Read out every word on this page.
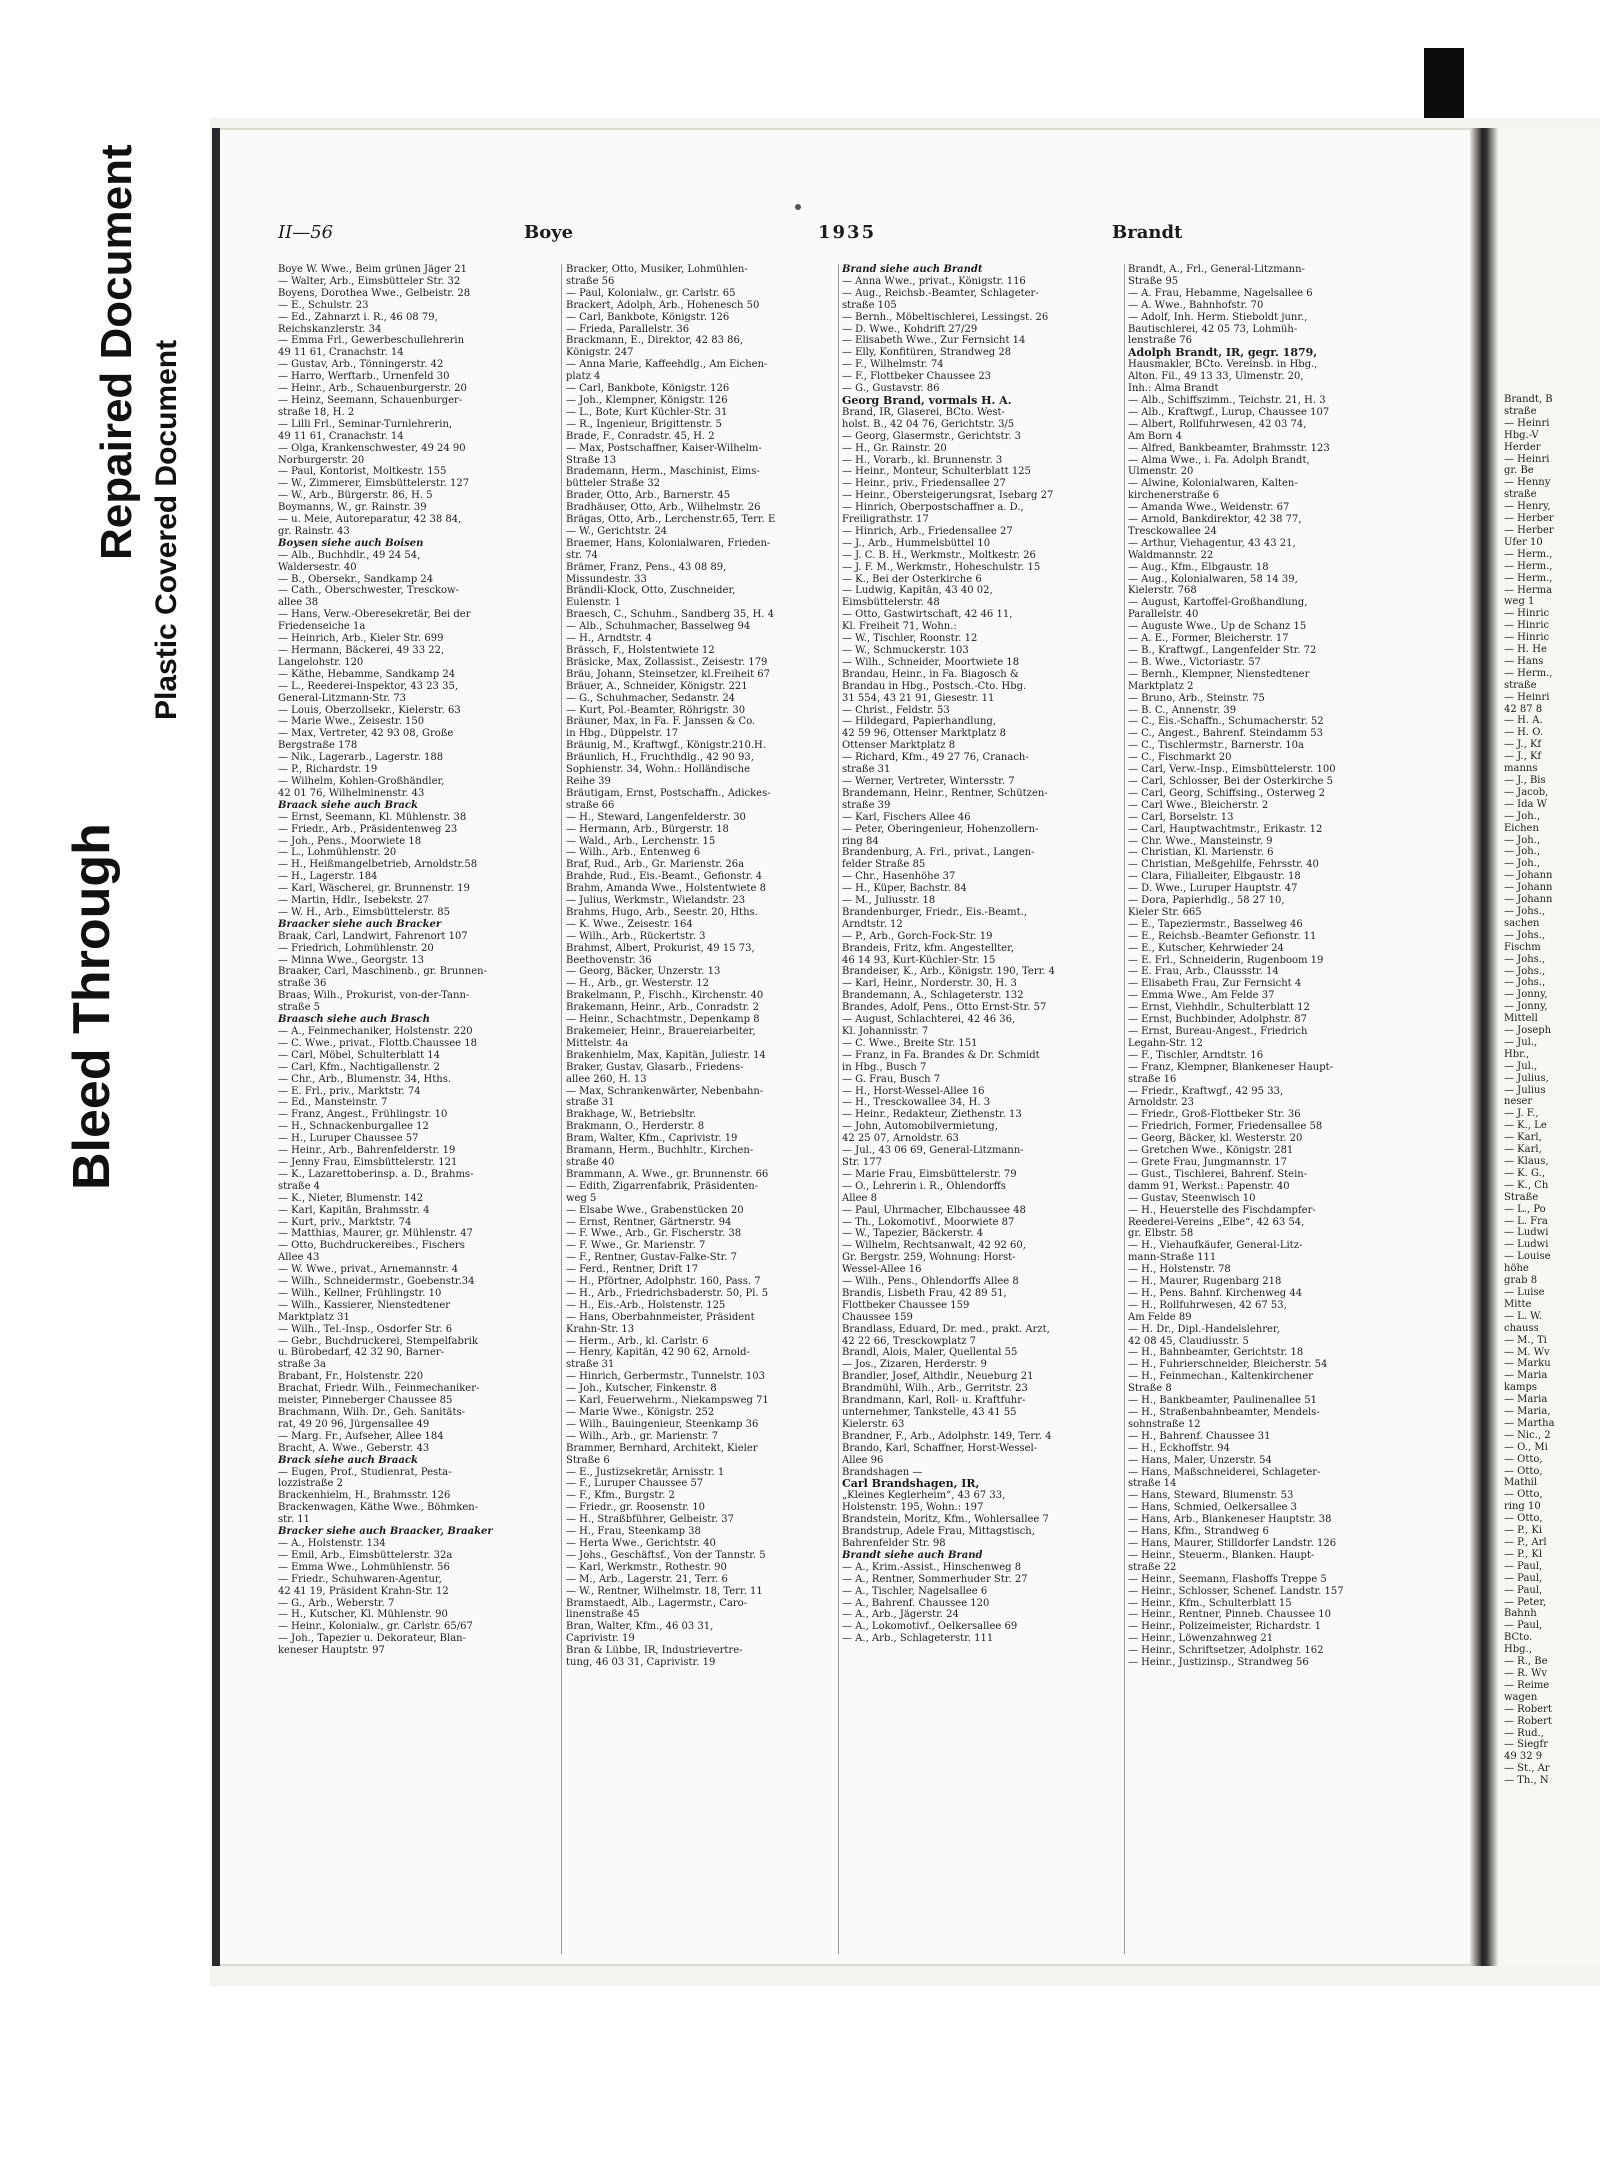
Bleed Through
Repaired Document Plastic Covered Document	Brandt, B
straße
— Heinri
Hbg.-V
Herder
— Heinri
gr. Be
— Henny
straße
— Henry,
— Herber
— Herber
Ufer 10
— Herm.,
— Herm.,
— Herm.,
— Herma
weg 1
— Hinric
— Hinric
— Hinric
— H. He
— Hans
— Herm.,
straße
— Heinri
42 87 8
— H. A.
— H. O.
— J., Kf
— J., Kf
manns
— J., Bis
— Jacob,
— Ida W
— Joh.,
Eichen
— Joh.,
— Joh.,
— Joh.,
— Johann
— Johann
— Johann
— Johs.,
sachen
— Johs.,
Fischm
— Johs.,
— Johs.,
— Johs.,
— Jonny,
— Jonny,
Mittell
— Joseph
— Jul.,
Hbr.,
— Jul.,
— Julius,
— Julius
neser
— J. F.,
— K., Le
— Karl,
— Karl,
— Klaus,
— K. G.,
— K., Ch
Straße
— L., Po
— L. Fra
— Ludwi
— Ludwi
— Louise
höhe
grab 8
— Luise
Mitte
— L. W.
chauss
— M., Ti
— M. Wv
— Marku
— Maria
kamps
— Maria
— Maria,
— Martha
— Nic., 2
— O., Mi
— Otto,
— Otto,
Mathil
— Otto,
ring 10
— Otto,
— P., Ki
— P., Arl
— P., Kl
— Paul,
— Paul,
— Paul,
— Peter,
Bahnh
— Paul,
BCto.
Hbg.,
— R., Be
— R. Wv
— Reime
wagen
— Robert
— Robert
— Rud.,
— Siegfr
49 32 9
— St., Ar
— Th., N
II—56	Boye	1935	Brandt
Boye W. Wwe., Beim grünen Jäger 21
— Walter, Arb., Eimsbütteler Str. 32
Boyens, Dorothea Wwe., Gelbeistr. 28
— E., Schulstr. 23
— Ed., Zahnarzt i. R., 46 08 79,
Reichskanzlerstr. 34
— Emma Frl., Gewerbeschullehrerin
49 11 61, Cranachstr. 14
— Gustav, Arb., Tönningerstr. 42
— Harro, Werftarb., Urnenfeld 30
— Heinr., Arb., Schauenburgerstr. 20
— Heinz, Seemann, Schauenburger-
straße 18, H. 2
— Lilli Frl., Seminar-Turnlehrerin,
49 11 61, Cranachstr. 14
— Olga, Krankenschwester, 49 24 90
Norburgerstr. 20
— Paul, Kontorist, Moltkestr. 155
— W., Zimmerer, Eimsbüttelerstr. 127
— W., Arb., Bürgerstr. 86, H. 5
Boymanns, W., gr. Rainstr. 39
— u. Meie, Autoreparatur, 42 38 84,
gr. Rainstr. 43
Boysen siehe auch Boisen
— Alb., Buchhdlr., 49 24 54,
Waldersestr. 40
— B., Obersekr., Sandkamp 24
— Cath., Oberschwester, Tresckow-
allee 38
— Hans, Verw.-Oberesekretär, Bei der
Friedenseiche 1a
— Heinrich, Arb., Kieler Str. 699
— Hermann, Bäckerei, 49 33 22,
Langelohstr. 120
— Käthe, Hebamme, Sandkamp 24
— L., Reederei-Inspektor, 43 23 35,
General-Litzmann-Str. 73
— Louis, Oberzollsekr., Kielerstr. 63
— Marie Wwe., Zeisestr. 150
— Max, Vertreter, 42 93 08, Große
Bergstraße 178
— Nik., Lagerarb., Lagerstr. 188
— P., Richardstr. 19
— Wilhelm, Kohlen-Großhändler,
42 01 76, Wilhelminenstr. 43
Braack siehe auch Brack
— Ernst, Seemann, Kl. Mühlenstr. 38
— Friedr., Arb., Präsidentenweg 23
— Joh., Pens., Moorwiete 18
— L., Lohmühlenstr. 20
— H., Heißmangelbetrieb, Arnoldstr.58
— H., Lagerstr. 184
— Karl, Wäscherei, gr. Brunnenstr. 19
— Martin, Hdlr., Isebekstr. 27
— W. H., Arb., Eimsbüttelerstr. 85
Braacker siehe auch Bracker
Braak, Carl, Landwirt, Fahrenort 107
— Friedrich, Lohmühlenstr. 20
— Minna Wwe., Georgstr. 13
Braaker, Carl, Maschinenb., gr. Brunnen-
straße 36
Braas, Wilh., Prokurist, von-der-Tann-
straße 5
Braasch siehe auch Brasch
— A., Feinmechaniker, Holstenstr. 220
— C. Wwe., privat., Flottb.Chaussee 18
— Carl, Möbel, Schulterblatt 14
— Carl, Kfm., Nachtigallenstr. 2
— Chr., Arb., Blumenstr. 34, Hths.
— E. Frl., priv., Marktstr. 74
— Ed., Mansteinstr. 7
— Franz, Angest., Frühlingstr. 10
— H., Schnackenburgallee 12
— H., Luruper Chaussee 57
— Heinr., Arb., Bahrenfelderstr. 19
— Jenny Frau, Eimsbüttelerstr. 121
— K., Lazarettoberinsp. a. D., Brahms-
straße 4
— K., Nieter, Blumenstr. 142
— Karl, Kapitän, Brahmsstr. 4
— Kurt, priv., Marktstr. 74
— Matthias, Maurer, gr. Mühlenstr. 47
— Otto, Buchdruckereibes., Fischers
Allee 43
— W. Wwe., privat., Arnemannstr. 4
— Wilh., Schneidermstr., Goebenstr.34
— Wilh., Kellner, Frühlingstr. 10
— Wilh., Kassierer, Nienstedtener
Marktplatz 31
— Wilh., Tel.-Insp., Osdorfer Str. 6
— Gebr., Buchdruckerei, Stempelfabrik
u. Bürobedarf, 42 32 90, Barner-
straße 3a
Brabant, Fr., Holstenstr. 220
Brachat, Friedr. Wilh., Feinmechaniker-
meister, Pinneberger Chaussee 85
Brachmann, Wilh. Dr., Geh. Sanitäts-
rat, 49 20 96, Jürgensallee 49
— Marg. Fr., Aufseher, Allee 184
Bracht, A. Wwe., Geberstr. 43
Brack siehe auch Braack
— Eugen, Prof., Studienrat, Pesta-
lozzistraße 2
Brackenhielm, H., Brahmsstr. 126
Brackenwagen, Käthe Wwe., Böhmken-
str. 11
Bracker siehe auch Braacker, Braaker
— A., Holstenstr. 134
— Emil, Arb., Eimsbüttelerstr. 32a
— Emma Wwe., Lohmühlenstr. 56
— Friedr., Schuhwaren-Agentur,
42 41 19, Präsident Krahn-Str. 12
— G., Arb., Weberstr. 7
— H., Kutscher, Kl. Mühlenstr. 90
— Heinr., Kolonialw., gr. Carlstr. 65/67
— Joh., Tapezier u. Dekorateur, Blan-
keneser Hauptstr. 97
Bracker, Otto, Musiker, Lohmühlen-
straße 56
— Paul, Kolonialw., gr. Carlstr. 65
Brackert, Adolph, Arb., Hohenesch 50
— Carl, Bankbote, Königstr. 126
— Frieda, Parallelstr. 36
Brackmann, E., Direktor, 42 83 86,
Königstr. 247
— Anna Marie, Kaffeehdlg., Am Eichen-
platz 4
— Carl, Bankbote, Königstr. 126
— Joh., Klempner, Königstr. 126
— L., Bote, Kurt Küchler-Str. 31
— R., Ingenieur, Brigittenstr. 5
Brade, F., Conradstr. 45, H. 2
— Max, Postschaffner, Kaiser-Wilhelm-
Straße 13
Brademann, Herm., Maschinist, Eims-
bütteler Straße 32
Brader, Otto, Arb., Barnerstr. 45
Bradhäuser, Otto, Arb., Wilhelmstr. 26
Brägas, Otto, Arb., Lerchenstr.65, Terr. E
— W., Gerichtstr. 24
Braemer, Hans, Kolonialwaren, Frieden-
str. 74
Brämer, Franz, Pens., 43 08 89,
Missundestr. 33
Brändli-Klock, Otto, Zuschneider,
Eulenstr. 1
Braesch, C., Schuhm., Sandberg 35, H. 4
— Alb., Schuhmacher, Basselweg 94
— H., Arndtstr. 4
Brässch, F., Holstentwiete 12
Bräsicke, Max, Zollassist., Zeisestr. 179
Bräu, Johann, Steinsetzer, kl.Freiheit 67
Bräuer, A., Schneider, Königstr. 221
— G., Schuhmacher, Sedanstr. 24
— Kurt, Pol.-Beamter, Röhrigstr. 30
Bräuner, Max, in Fa. F. Janssen & Co.
in Hbg., Düppelstr. 17
Bräunig, M., Kraftwgf., Königstr.210.H.
Bräunlich, H., Fruchthdlg., 42 90 93,
Sophienstr. 34, Wohn.: Holländische
Reihe 39
Bräutigam, Ernst, Postschaffn., Adickes-
straße 66
— H., Steward, Langenfelderstr. 30
— Hermann, Arb., Bürgerstr. 18
— Wald., Arb., Lerchenstr. 15
— Wilh., Arb., Entenweg 6
Braf, Rud., Arb., Gr. Marienstr. 26a
Brahde, Rud., Eis.-Beamt., Gefionstr. 4
Brahm, Amanda Wwe., Holstentwiete 8
— Julius, Werkmstr., Wielandstr. 23
Brahms, Hugo, Arb., Seestr. 20, Hths.
— K. Wwe., Zeisestr. 164
— Wilh., Arb., Rückertstr. 3
Brahmst, Albert, Prokurist, 49 15 73,
Beethovenstr. 36
— Georg, Bäcker, Unzerstr. 13
— H., Arb., gr. Westerstr. 12
Brakelmann, P., Fischh., Kirchenstr. 40
Brakemann, Heinr., Arb., Conradstr. 2
— Heinr., Schachtmstr., Depenkamp 8
Brakemeier, Heinr., Brauereiarbeiter,
Mittelstr. 4a
Brakenhielm, Max, Kapitän, Juliestr. 14
Braker, Gustav, Glasarb., Friedens-
allee 260, H. 13
— Max, Schrankenwärter, Nebenbahn-
straße 31
Brakhage, W., Betriebsltr.
Brakmann, O., Herderstr. 8
Bram, Walter, Kfm., Caprivistr. 19
Bramann, Herm., Buchhltr., Kirchen-
straße 40
Brammann, A. Wwe., gr. Brunnenstr. 66
— Edith, Zigarrenfabrik, Präsidenten-
weg 5
— Elsabe Wwe., Grabenstücken 20
— Ernst, Rentner, Gärtnerstr. 94
— F. Wwe., Arb., Gr. Fischerstr. 38
— F. Wwe., Gr. Marienstr. 7
— F., Rentner, Gustav-Falke-Str. 7
— Ferd., Rentner, Drift 17
— H., Pförtner, Adolphstr. 160, Pass. 7
— H., Arb., Friedrichsbaderstr. 50, Pl. 5
— H., Eis.-Arb., Holstenstr. 125
— Hans, Oberbahnmeister, Präsident
Krahn-Str. 13
— Herm., Arb., kl. Carlstr. 6
— Henry, Kapitän, 42 90 62, Arnold-
straße 31
— Hinrich, Gerbermstr., Tunnelstr. 103
— Joh., Kutscher, Finkenstr. 8
— Karl, Feuerwehrm., Niekampsweg 71
— Marie Wwe., Königstr. 252
— Wilh., Bauingenieur, Steenkamp 36
— Wilh., Arb., gr. Marienstr. 7
Brammer, Bernhard, Architekt, Kieler
Straße 6
— E., Justizsekretär, Arnisstr. 1
— F., Luruper Chaussee 57
— F., Kfm., Burgstr. 2
— Friedr., gr. Roosenstr. 10
— H., Straßbführer, Gelbeistr. 37
— H., Frau, Steenkamp 38
— Herta Wwe., Gerichtstr. 40
— Johs., Geschäftsf., Von der Tannstr. 5
— Karl, Werkmstr., Rothestr. 90
— M., Arb., Lagerstr. 21, Terr. 6
— W., Rentner, Wilhelmstr. 18, Terr. 11
Bramstaedt, Alb., Lagermstr., Caro-
linenstraße 45
Bran, Walter, Kfm., 46 03 31,
Caprivistr. 19
Bran & Lübbe, IR, Industrievertre-
tung, 46 03 31, Caprivistr. 19
Brand siehe auch Brandt
— Anna Wwe., privat., Königstr. 116
— Aug., Reichsb.-Beamter, Schlageter-
straße 105
— Bernh., Möbeltischlerei, Lessingst. 26
— D. Wwe., Kohdrift 27/29
— Elisabeth Wwe., Zur Fernsicht 14
— Elly, Konfitüren, Strandweg 28
— F., Wilhelmstr. 74
— F., Flottbeker Chaussee 23
— G., Gustavstr. 86
Georg Brand, vormals H. A.
Brand, IR, Glaserei, BCto. West-
holst. B., 42 04 76, Gerichtstr. 3/5
— Georg, Glasermstr., Gerichtstr. 3
— H., Gr. Rainstr. 20
— H., Vorarb., kl. Brunnenstr. 3
— Heinr., Monteur, Schulterblatt 125
— Heinr., priv., Friedensallee 27
— Heinr., Obersteigerungsrat, Isebarg 27
— Hinrich, Oberpostschaffner a. D.,
Freiligrathstr. 17
— Hinrich, Arb., Friedensallee 27
— J., Arb., Hummelsbüttel 10
— J. C. B. H., Werkmstr., Moltkestr. 26
— J. F. M., Werkmstr., Hoheschulstr. 15
— K., Bei der Osterkirche 6
— Ludwig, Kapitän, 43 40 02,
Eimsbüttelerstr. 48
— Otto, Gastwirtschaft, 42 46 11,
Kl. Freiheit 71, Wohn.:
— W., Tischler, Roonstr. 12
— W., Schmuckerstr. 103
— Wilh., Schneider, Moortwiete 18
Brandau, Heinr., in Fa. Biagosch &
Brandau in Hbg., Postsch.-Cto. Hbg.
31 554, 43 21 91, Giesestr. 11
— Christ., Feldstr. 53
— Hildegard, Papierhandlung,
42 59 96, Ottenser Marktplatz 8
Ottenser Marktplatz 8
— Richard, Kfm., 49 27 76, Cranach-
straße 31
— Werner, Vertreter, Wintersstr. 7
Brandemann, Heinr., Rentner, Schützen-
straße 39
— Karl, Fischers Allee 46
— Peter, Oberingenieur, Hohenzollern-
ring 84
Brandenburg, A. Frl., privat., Langen-
felder Straße 85
— Chr., Hasenhöhe 37
— H., Küper, Bachstr. 84
— M., Juliusstr. 18
Brandenburger, Friedr., Eis.-Beamt.,
Arndtstr. 12
— P., Arb., Gorch-Fock-Str. 19
Brandeis, Fritz, kfm. Angestellter,
46 14 93, Kurt-Küchler-Str. 15
Brandeiser, K., Arb., Königstr. 190, Terr. 4
— Karl, Heinr., Norderstr. 30, H. 3
Brandemann, A., Schlageterstr. 132
Brandes, Adolf, Pens., Otto Ernst-Str. 57
— August, Schlachterei, 42 46 36,
Kl. Johannisstr. 7
— C. Wwe., Breite Str. 151
— Franz, in Fa. Brandes & Dr. Schmidt
in Hbg., Busch 7
— G. Frau, Busch 7
— H., Horst-Wessel-Allee 16
— H., Tresckowallee 34, H. 3
— Heinr., Redakteur, Ziethenstr. 13
— John, Automobilvermietung,
42 25 07, Arnoldstr. 63
— Jul., 43 06 69, General-Litzmann-
Str. 177
— Marie Frau, Eimsbüttelerstr. 79
— O., Lehrerin i. R., Ohlendorffs
Allee 8
— Paul, Uhrmacher, Elbchaussee 48
— Th., Lokomotivf., Moorwiete 87
— W., Tapezier, Bäckerstr. 4
— Wilhelm, Rechtsanwalt, 42 92 60,
Gr. Bergstr. 259, Wohnung: Horst-
Wessel-Allee 16
— Wilh., Pens., Ohlendorffs Allee 8
Brandis, Lisbeth Frau, 42 89 51,
Flottbeker Chaussee 159
Chaussee 159
Brandlass, Eduard, Dr. med., prakt. Arzt,
42 22 66, Tresckowplatz 7
Brandl, Alois, Maler, Quellental 55
— Jos., Zizaren, Herderstr. 9
Brandler, Josef, Althdlr., Neueburg 21
Brandmühl, Wilh., Arb., Gerritstr. 23
Brandmann, Karl, Roll- u. Kraftfuhr-
unternehmer, Tankstelle, 43 41 55
Kielerstr. 63
Brandner, F., Arb., Adolphstr. 149, Terr. 4
Brando, Karl, Schaffner, Horst-Wessel-
Allee 96
Brandshagen —
Carl Brandshagen, IR,
„Kleines Keglerheim“, 43 67 33,
Holstenstr. 195, Wohn.: 197
Brandstein, Moritz, Kfm., Wohlersallee 7
Brandstrup, Adele Frau, Mittagstisch,
Bahrenfelder Str. 98
Brandt siehe auch Brand
— A., Krim.-Assist., Hinschenweg 8
— A., Rentner, Sommerhuder Str. 27
— A., Tischler, Nagelsallee 6
— A., Bahrenf. Chaussee 120
— A., Arb., Jägerstr. 24
— A., Lokomotivf., Oelkersallee 69
— A., Arb., Schlageterstr. 111
Brandt, A., Frl., General-Litzmann-
Straße 95
— A. Frau, Hebamme, Nagelsallee 6
— A. Wwe., Bahnhofstr. 70
— Adolf, Inh. Herm. Stieboldt junr.,
Bautischlerei, 42 05 73, Lohmüh-
lenstraße 76
Adolph Brandt, IR, gegr. 1879,
Hausmakler, BCto. Vereinsb. in Hbg.,
Alton. Fil., 49 13 33, Ulmenstr. 20,
Inh.: Alma Brandt
— Alb., Schiffszimm., Teichstr. 21, H. 3
— Alb., Kraftwgf., Lurup, Chaussee 107
— Albert, Rollfuhrwesen, 42 03 74,
Am Born 4
— Alfred, Bankbeamter, Brahmsstr. 123
— Alma Wwe., i. Fa. Adolph Brandt,
Ulmenstr. 20
— Alwine, Kolonialwaren, Kalten-
kirchenerstraße 6
— Amanda Wwe., Weidenstr. 67
— Arnold, Bankdirektor, 42 38 77,
Tresckowallee 24
— Arthur, Viehagentur, 43 43 21,
Waldmannstr. 22
— Aug., Kfm., Elbgaustr. 18
— Aug., Kolonialwaren, 58 14 39,
Kielerstr. 768
— August, Kartoffel-Großhandlung,
Parallelstr. 40
— Auguste Wwe., Up de Schanz 15
— A. E., Former, Bleicherstr. 17
— B., Kraftwgf., Langenfelder Str. 72
— B. Wwe., Victoriastr. 57
— Bernh., Klempner, Nienstedtener
Marktplatz 2
— Bruno, Arb., Steinstr. 75
— B. C., Annenstr. 39
— C., Eis.-Schaffn., Schumacherstr. 52
— C., Angest., Bahrenf. Steindamm 53
— C., Tischlermstr., Barnerstr. 10a
— C., Fischmarkt 20
— Carl, Verw.-Insp., Eimsbüttelerstr. 100
— Carl, Schlosser, Bei der Osterkirche 5
— Carl, Georg, Schiffsing., Osterweg 2
— Carl Wwe., Bleicherstr. 2
— Carl, Borselstr. 13
— Carl, Hauptwachtmstr., Erikastr. 12
— Chr. Wwe., Mansteinstr. 9
— Christian, Kl. Marienstr. 6
— Christian, Meßgehilfe, Fehrsstr. 40
— Clara, Filialleiter, Elbgaustr. 18
— D. Wwe., Luruper Hauptstr. 47
— Dora, Papierhdlg., 58 27 10,
Kieler Str. 665
— E., Tapeziermstr., Basselweg 46
— E., Reichsb.-Beamter Gefionstr. 11
— E., Kutscher, Kehrwieder 24
— E. Frl., Schneiderin, Rugenboom 19
— E. Frau, Arb., Claussstr. 14
— Elisabeth Frau, Zur Fernsicht 4
— Emma Wwe., Am Felde 37
— Ernst, Viehhdlr., Schulterblatt 12
— Ernst, Buchbinder, Adolphstr. 87
— Ernst, Bureau-Angest., Friedrich
Legahn-Str. 12
— F., Tischler, Arndtstr. 16
— Franz, Klempner, Blankeneser Haupt-
straße 16
— Friedr., Kraftwgf., 42 95 33,
Arnoldstr. 23
— Friedr., Groß-Flottbeker Str. 36
— Friedrich, Former, Friedensallee 58
— Georg, Bäcker, kl. Westerstr. 20
— Gretchen Wwe., Königstr. 281
— Grete Frau, Jungmannstr. 17
— Gust., Tischlerei, Bahrenf. Stein-
damm 91, Werkst.: Papenstr. 40
— Gustav, Steenwisch 10
— H., Heuerstelle des Fischdampfer-
Reederei-Vereins „Elbe“, 42 63 54,
gr. Elbstr. 58
— H., Viehaufkäufer, General-Litz-
mann-Straße 111
— H., Holstenstr. 78
— H., Maurer, Rugenbarg 218
— H., Pens. Bahnf. Kirchenweg 44
— H., Rollfuhrwesen, 42 67 53,
Am Felde 89
— H. Dr., Dipl.-Handelslehrer,
42 08 45, Claudiusstr. 5
— H., Bahnbeamter, Gerichtstr. 18
— H., Fuhrierschneider, Bleicherstr. 54
— H., Feinmechan., Kaltenkirchener
Straße 8
— H., Bankbeamter, Paulinenallee 51
— H., Straßenbahnbeamter, Mendels-
sohnstraße 12
— H., Bahrenf. Chaussee 31
— H., Eckhoffstr. 94
— Hans, Maler, Unzerstr. 54
— Hans, Maßschneiderei, Schlageter-
straße 14
— Hans, Steward, Blumenstr. 53
— Hans, Schmied, Oelkersallee 3
— Hans, Arb., Blankeneser Hauptstr. 38
— Hans, Kfm., Strandweg 6
— Hans, Maurer, Stilldorfer Landstr. 126
— Heinr., Steuerm., Blanken. Haupt-
straße 22
— Heinr., Seemann, Flashoffs Treppe 5
— Heinr., Schlosser, Schenef. Landstr. 157
— Heinr., Kfm., Schulterblatt 15
— Heinr., Rentner, Pinneb. Chaussee 10
— Heinr., Polizeimeister, Richardstr. 1
— Heinr., Löwenzahnweg 21
— Heinr., Schriftsetzer, Adolphstr. 162
— Heinr., Justizinsp., Strandweg 56
